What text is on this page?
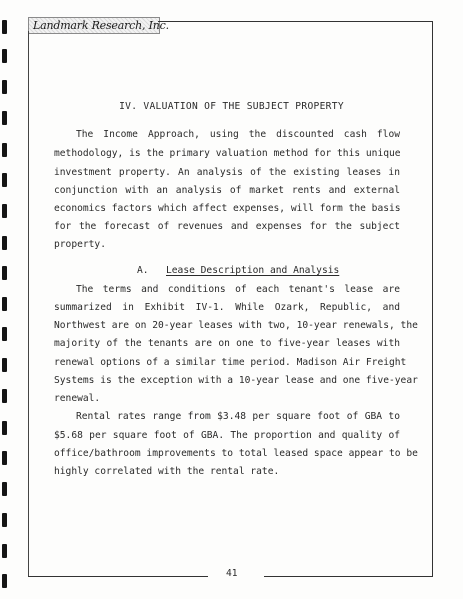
Landmark Research, Inc.
IV. VALUATION OF THE SUBJECT PROPERTY
The Income Approach, using the discounted cash flow
methodology, is the primary valuation method for this unique
investment property. An analysis of the existing leases in
conjunction with an analysis of market rents and external
economics factors which affect expenses, will form the basis
for the forecast of revenues and expenses for the subject
property.
A. Lease Description and Analysis
The terms and conditions of each tenant's lease are
summarized in Exhibit IV-1. While Ozark, Republic, and
Northwest are on 20-year leases with two, 10-year renewals, the
majority of the tenants are on one to five-year leases with
renewal options of a similar time period. Madison Air Freight
Systems is the exception with a 10-year lease and one five-year
renewal.
Rental rates range from $3.48 per square foot of GBA to
$5.68 per square foot of GBA. The proportion and quality of
office/bathroom improvements to total leased space appear to be
highly correlated with the rental rate.
41
